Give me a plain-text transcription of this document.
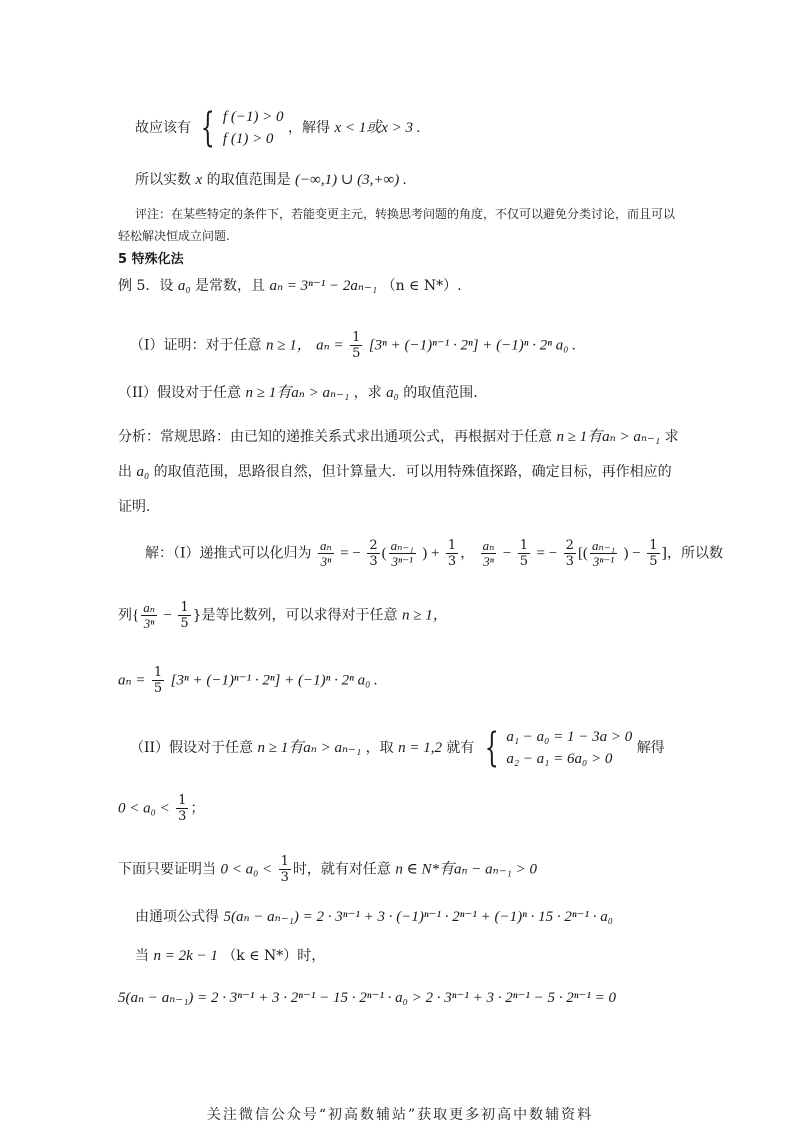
故应该有 { f (−1) > 0
f (1) > 0
，解得 x < 1或x > 3 .
所以实数 x 的取值范围是 (−∞,1) ∪ (3,+∞) .
评注：在某些特定的条件下，若能变更主元，转换思考问题的角度，不仅可以避免分类讨论，而且可以
轻松解决恒成立问题.
5 特殊化法
例 5．设 a₀ 是常数，且 aₙ = 3ⁿ⁻¹ − 2aₙ₋₁ （n ∈ N*）.
（I）证明：对于任意 n ≥ 1， $a_n = \frac{1}{5} [3^n + (-1)^{n-1} \cdot 2^n] + (-1)^n \cdot 2^n$ a₀ .
（II）假设对于任意 n ≥ 1有aₙ > aₙ₋₁ ，求 a₀ 的取值范围.
分析：常规思路：由已知的递推关系式求出通项公式，再根据对于任意 n ≥ 1有aₙ > aₙ₋₁ 求
出 a₀ 的取值范围，思路很自然，但计算量大．可以用特殊值探路，确定目标，再作相应的
证明.
解：（I）递推式可以化归为 $\frac{\text{aₙ}}{\text{3ⁿ}}$ = − $\frac{2}{3}$ ( $\frac{\text{aₙ₋₁}}{\text{3ⁿ⁻¹}}$ ) + $\frac{1}{3}$ ， $\frac{\text{aₙ}}{\text{3ⁿ}} - \frac{1}{5}$ = − $\frac{2}{3}$ [( $\frac{\text{aₙ₋₁}}{\text{3ⁿ⁻¹}}$ ) − $\frac{1}{5}$ ]，所以数
列{ $\frac{\text{aₙ}}{\text{3ⁿ}} - \frac{1}{5}$ }是等比数列，可以求得对于任意 n ≥ 1，
$a_n = \frac{1}{5} [3^n + (-1)^{n-1} \cdot 2^n] + (-1)^n \cdot 2^n$ a₀ .
（II）假设对于任意 n ≥ 1有aₙ > aₙ₋₁ ，取 n = 1,2 就有 { a₁ − a₀ = 1 − 3a > 0
a₂ − a₁ = 6a₀ > 0
解得
$0 < a_0 < \frac{1}{3}$ ；
下面只要证明当 $0 < a_0 < \frac{1}{3}$ 时，就有对任意 n ∈ N*有aₙ − aₙ₋₁ > 0
由通项公式得 5(aₙ − aₙ₋₁) = 2 · 3ⁿ⁻¹ + 3 · (−1)ⁿ⁻¹ · 2ⁿ⁻¹ + (−1)ⁿ · 15 · 2ⁿ⁻¹ · a₀
当 n = 2k − 1 （k ∈ N*）时，
5(aₙ − aₙ₋₁) = 2 · 3ⁿ⁻¹ + 3 · 2ⁿ⁻¹ − 15 · 2ⁿ⁻¹ · a₀ > 2 · 3ⁿ⁻¹ + 3 · 2ⁿ⁻¹ − 5 · 2ⁿ⁻¹ = 0
关注微信公众号“初高数辅站”获取更多初高中数辅资料
